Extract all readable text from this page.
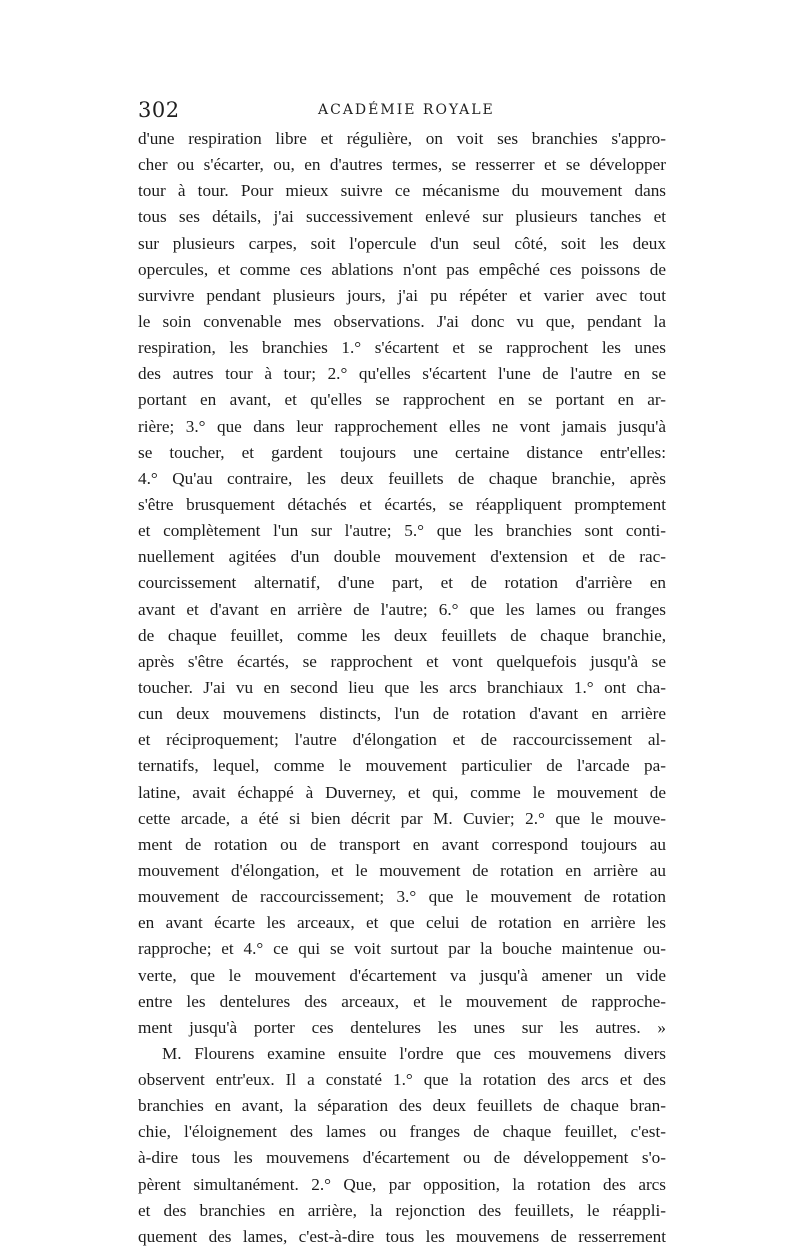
302	ACADÉMIE ROYALE
d'une respiration libre et régulière, on voit ses branchies s'appro-
cher ou s'écarter, ou, en d'autres termes, se resserrer et se développer
tour à tour. Pour mieux suivre ce mécanisme du mouvement dans
tous ses détails, j'ai successivement enlevé sur plusieurs tanches et
sur plusieurs carpes, soit l'opercule d'un seul côté, soit les deux
opercules, et comme ces ablations n'ont pas empêché ces poissons de
survivre pendant plusieurs jours, j'ai pu répéter et varier avec tout
le soin convenable mes observations. J'ai donc vu que, pendant la
respiration, les branchies 1.° s'écartent et se rapprochent les unes
des autres tour à tour; 2.° qu'elles s'écartent l'une de l'autre en se
portant en avant, et qu'elles se rapprochent en se portant en ar-
rière; 3.° que dans leur rapprochement elles ne vont jamais jusqu'à
se toucher, et gardent toujours une certaine distance entr'elles:
4.° Qu'au contraire, les deux feuillets de chaque branchie, après
s'être brusquement détachés et écartés, se réappliquent promptement
et complètement l'un sur l'autre; 5.° que les branchies sont conti-
nuellement agitées d'un double mouvement d'extension et de rac-
courcissement alternatif, d'une part, et de rotation d'arrière en
avant et d'avant en arrière de l'autre; 6.° que les lames ou franges
de chaque feuillet, comme les deux feuillets de chaque branchie,
après s'être écartés, se rapprochent et vont quelquefois jusqu'à se
toucher. J'ai vu en second lieu que les arcs branchiaux 1.° ont cha-
cun deux mouvemens distincts, l'un de rotation d'avant en arrière
et réciproquement; l'autre d'élongation et de raccourcissement al-
ternatifs, lequel, comme le mouvement particulier de l'arcade pa-
latine, avait échappé à Duverney, et qui, comme le mouvement de
cette arcade, a été si bien décrit par M. Cuvier; 2.° que le mouve-
ment de rotation ou de transport en avant correspond toujours au
mouvement d'élongation, et le mouvement de rotation en arrière au
mouvement de raccourcissement; 3.° que le mouvement de rotation
en avant écarte les arceaux, et que celui de rotation en arrière les
rapproche; et 4.° ce qui se voit surtout par la bouche maintenue ou-
verte, que le mouvement d'écartement va jusqu'à amener un vide
entre les dentelures des arceaux, et le mouvement de rapproche-
ment jusqu'à porter ces dentelures les unes sur les autres. »
M. Flourens examine ensuite l'ordre que ces mouvemens divers
observent entr'eux. Il a constaté 1.° que la rotation des arcs et des
branchies en avant, la séparation des deux feuillets de chaque bran-
chie, l'éloignement des lames ou franges de chaque feuillet, c'est-
à-dire tous les mouvemens d'écartement ou de développement s'o-
pèrent simultanément. 2.° Que, par opposition, la rotation des arcs
et des branchies en arrière, la rejonction des feuillets, le réappli-
quement des lames, c'est-à-dire tous les mouvemens de resserrement
